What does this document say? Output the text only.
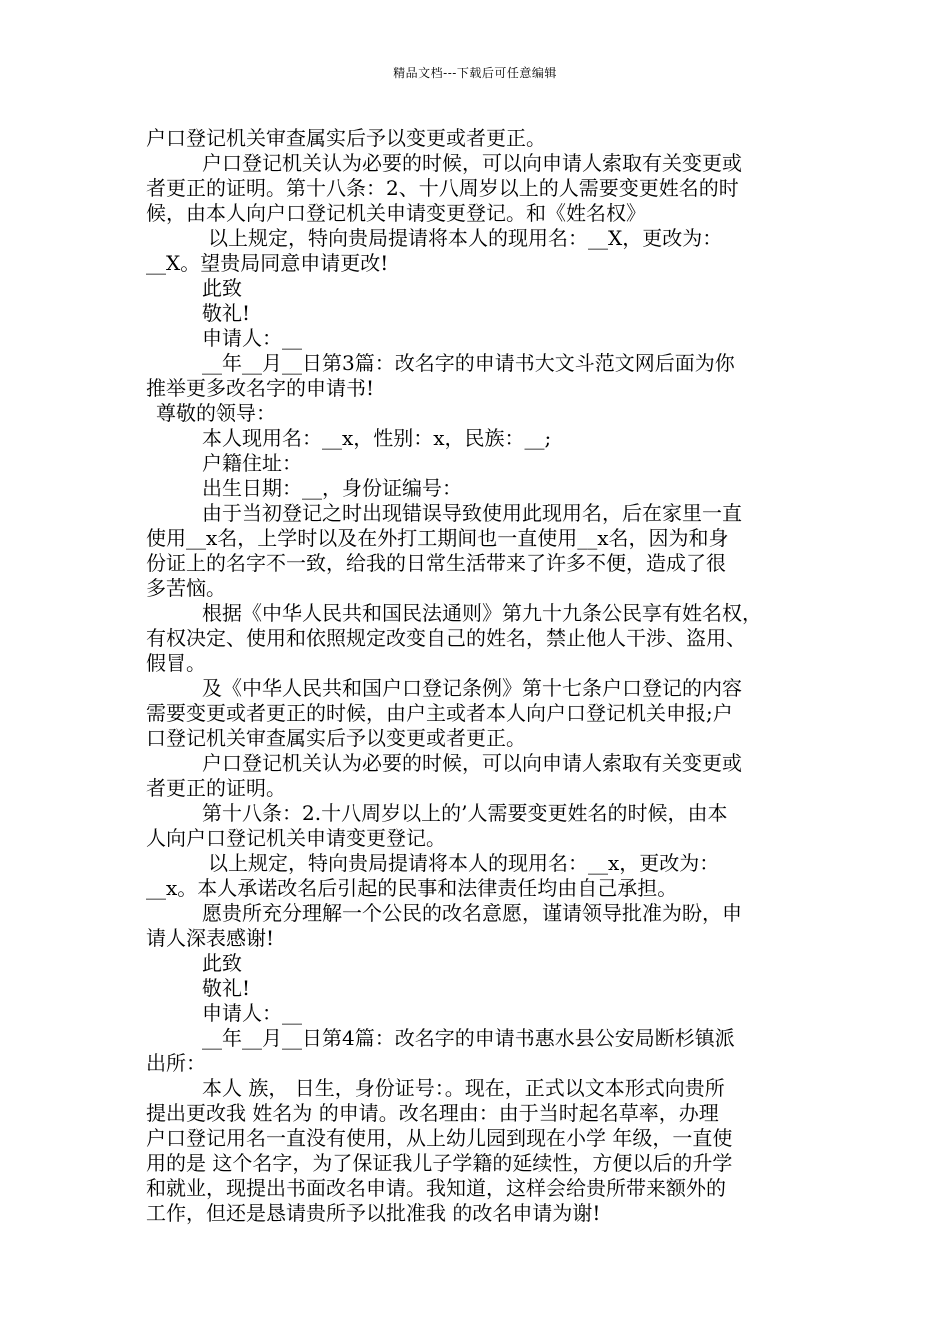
精品文档---下载后可任意编辑
户口登记机关审查属实后予以变更或者更正。
户口登记机关认为必要的时候，可以向申请人索取有关变更或
者更正的证明。第十八条：2、十八周岁以上的人需要变更姓名的时
候，由本人向户口登记机关申请变更登记。和《姓名权》
以上规定，特向贵局提请将本人的现用名：__X，更改为：
__X。望贵局同意申请更改!
此致
敬礼!
申请人：__
__年__月__日第3篇：改名字的申请书大文斗范文网后面为你
推举更多改名字的申请书!
尊敬的领导：
本人现用名：__x，性别：x，民族：__;
户籍住址：
出生日期：__，身份证编号：
由于当初登记之时出现错误导致使用此现用名，后在家里一直
使用__x名，上学时以及在外打工期间也一直使用__x名，因为和身
份证上的名字不一致，给我的日常生活带来了许多不便，造成了很
多苦恼。
根据《中华人民共和国民法通则》第九十九条公民享有姓名权，
有权决定、使用和依照规定改变自己的姓名，禁止他人干涉、盗用、
假冒。
及《中华人民共和国户口登记条例》第十七条户口登记的内容
需要变更或者更正的时候，由户主或者本人向户口登记机关申报;户
口登记机关审查属实后予以变更或者更正。
户口登记机关认为必要的时候，可以向申请人索取有关变更或
者更正的证明。
第十八条：2.十八周岁以上的’人需要变更姓名的时候，由本
人向户口登记机关申请变更登记。
以上规定，特向贵局提请将本人的现用名：__x，更改为：
__x。本人承诺改名后引起的民事和法律责任均由自己承担。
愿贵所充分理解一个公民的改名意愿，谨请领导批准为盼，申
请人深表感谢!
此致
敬礼!
申请人：__
__年__月__日第4篇：改名字的申请书惠水县公安局断杉镇派
出所：
本人 族， 日生，身份证号：。现在，正式以文本形式向贵所
提出更改我 姓名为 的申请。改名理由：由于当时起名草率，办理
户口登记用名一直没有使用，从上幼儿园到现在小学 年级，一直使
用的是 这个名字，为了保证我儿子学籍的延续性，方便以后的升学
和就业，现提出书面改名申请。我知道，这样会给贵所带来额外的
工作，但还是恳请贵所予以批准我 的改名申请为谢!
